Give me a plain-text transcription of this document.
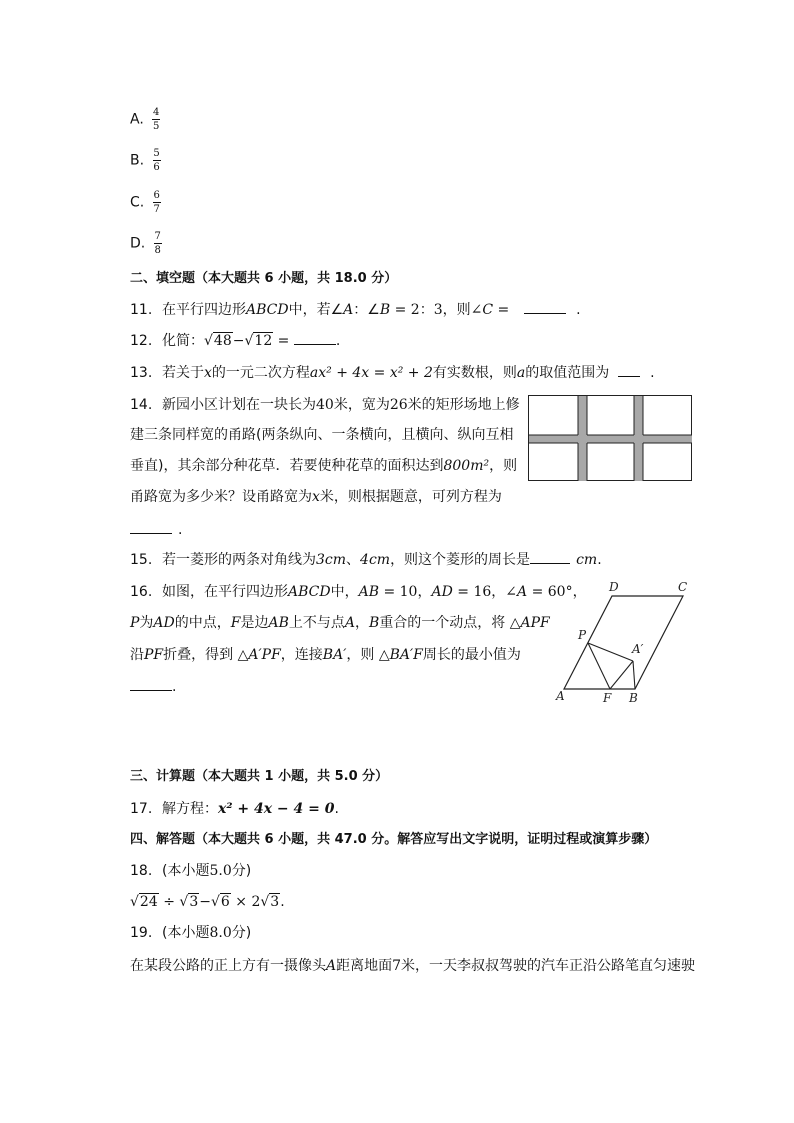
A. $\frac{4}{5}$
B. $\frac{5}{6}$
C. $\frac{6}{7}$
D. $\frac{7}{8}$
二、填空题（本大题共 6 小题，共 18.0 分）
11. 在平行四边形ABCD中，若∠A：∠B = 2：3，则∠C =	.
12. 化简：√48−√12 =	.
13. 若关于x的一元二次方程ax² + 4x = x² + 2有实数根，则a的取值范围为	.
14. 新园小区计划在一块长为40米，宽为26米的矩形场地上修
建三条同样宽的甬路(两条纵向、一条横向，且横向、纵向互相
垂直)，其余部分种花草．若要使种花草的面积达到800m²，则
甬路宽为多少米？设甬路宽为x米，则根据题意，可列方程为
.
15. 若一菱形的两条对角线为3cm、4cm，则这个菱形的周长是	cm.
16. 如图，在平行四边形ABCD中，AB = 10，AD = 16，∠A = 60°，
P为AD的中点，F是边AB上不与点A，B重合的一个动点，将 △APF
沿PF折叠，得到 △A′PF，连接BA′，则 △BA′F周长的最小值为
.
D	C
P
A′
A	F B
三、计算题（本大题共 1 小题，共 5.0 分）
17. 解方程：x² + 4x − 4 = 0.
四、解答题（本大题共 6 小题，共 47.0 分。解答应写出文字说明，证明过程或演算步骤）
18. (本小题5.0分)
√24 ÷ √3−√6 × 2√3.
19. (本小题8.0分)
在某段公路的正上方有一摄像头A距离地面7米，一天李叔叔驾驶的汽车正沿公路笔直匀速驶
